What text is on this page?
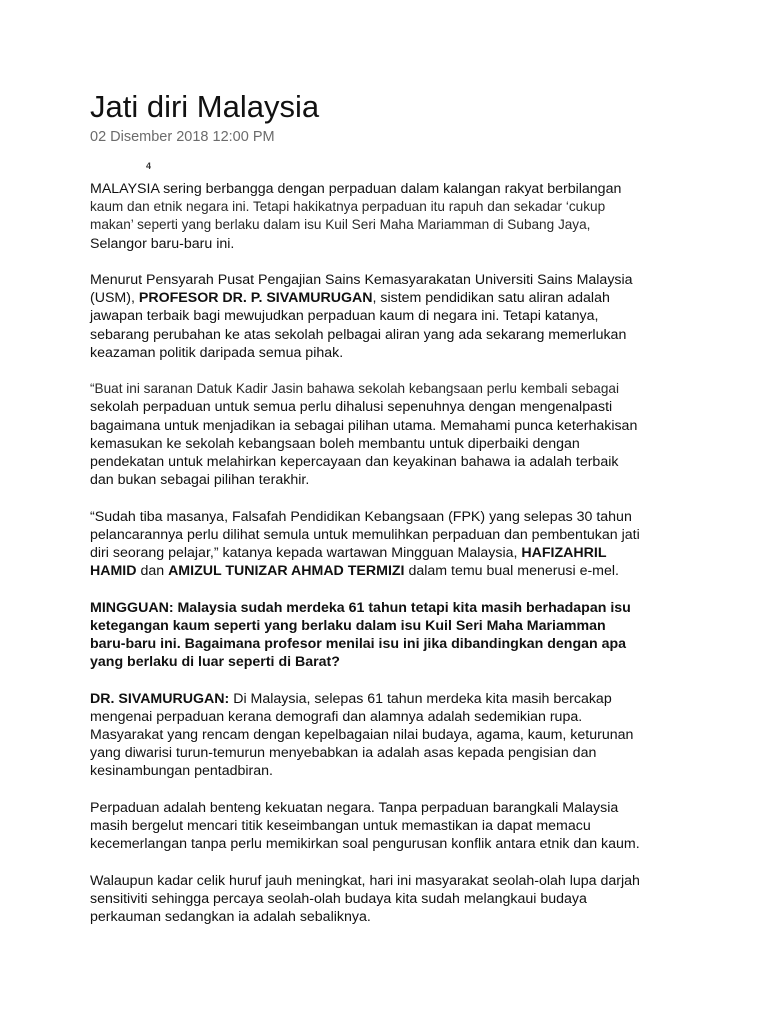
Jati diri Malaysia
02 Disember 2018 12:00 PM
4
MALAYSIA sering berbangga dengan perpaduan dalam kalangan rakyat berbilangan
kaum dan etnik negara ini. Tetapi hakikatnya perpaduan itu rapuh dan sekadar ‘cukup
makan’ seperti yang berlaku dalam isu Kuil Seri Maha Mariamman di Subang Jaya,
Selangor baru-baru ini.
Menurut Pensyarah Pusat Pengajian Sains Kemasyarakatan Universiti Sains Malaysia
(USM), PROFESOR DR. P. SIVAMURUGAN, sistem pendidikan satu aliran adalah
jawapan terbaik bagi mewujudkan perpaduan kaum di negara ini. Tetapi katanya,
sebarang perubahan ke atas sekolah pelbagai aliran yang ada sekarang memerlukan
keazaman politik daripada semua pihak.
“Buat ini saranan Datuk Kadir Jasin bahawa sekolah kebangsaan perlu kembali sebagai
sekolah perpaduan untuk semua perlu dihalusi sepenuhnya dengan mengenalpasti
bagaimana untuk menjadikan ia sebagai pilihan utama. Memahami punca keterhakisan
kemasukan ke sekolah kebangsaan boleh membantu untuk diperbaiki dengan
pendekatan untuk melahirkan kepercayaan dan keyakinan bahawa ia adalah terbaik
dan bukan sebagai pilihan terakhir.
“Sudah tiba masanya, Falsafah Pendidikan Kebangsaan (FPK) yang selepas 30 tahun
pelancarannya perlu dilihat semula untuk memulihkan perpaduan dan pembentukan jati
diri seorang pelajar,” katanya kepada wartawan Mingguan Malaysia, HAFIZAHRIL
HAMID dan AMIZUL TUNIZAR AHMAD TERMIZI dalam temu bual menerusi e-mel.
MINGGUAN: Malaysia sudah merdeka 61 tahun tetapi kita masih berhadapan isu
ketegangan kaum seperti yang berlaku dalam isu Kuil Seri Maha Mariamman
baru-baru ini. Bagaimana profesor menilai isu ini jika dibandingkan dengan apa
yang berlaku di luar seperti di Barat?
DR. SIVAMURUGAN: Di Malaysia, selepas 61 tahun merdeka kita masih bercakap
mengenai perpaduan kerana demografi dan alamnya adalah sedemikian rupa.
Masyarakat yang rencam dengan kepelbagaian nilai budaya, agama, kaum, keturunan
yang diwarisi turun-temurun menyebabkan ia adalah asas kepada pengisian dan
kesinambungan pentadbiran.
Perpaduan adalah benteng kekuatan negara. Tanpa perpaduan barangkali Malaysia
masih bergelut mencari titik keseimbangan untuk memastikan ia dapat memacu
kecemerlangan tanpa perlu memikirkan soal pengurusan konflik antara etnik dan kaum.
Walaupun kadar celik huruf jauh meningkat, hari ini masyarakat seolah-olah lupa darjah
sensitiviti sehingga percaya seolah-olah budaya kita sudah melangkaui budaya
perkauman sedangkan ia adalah sebaliknya.
